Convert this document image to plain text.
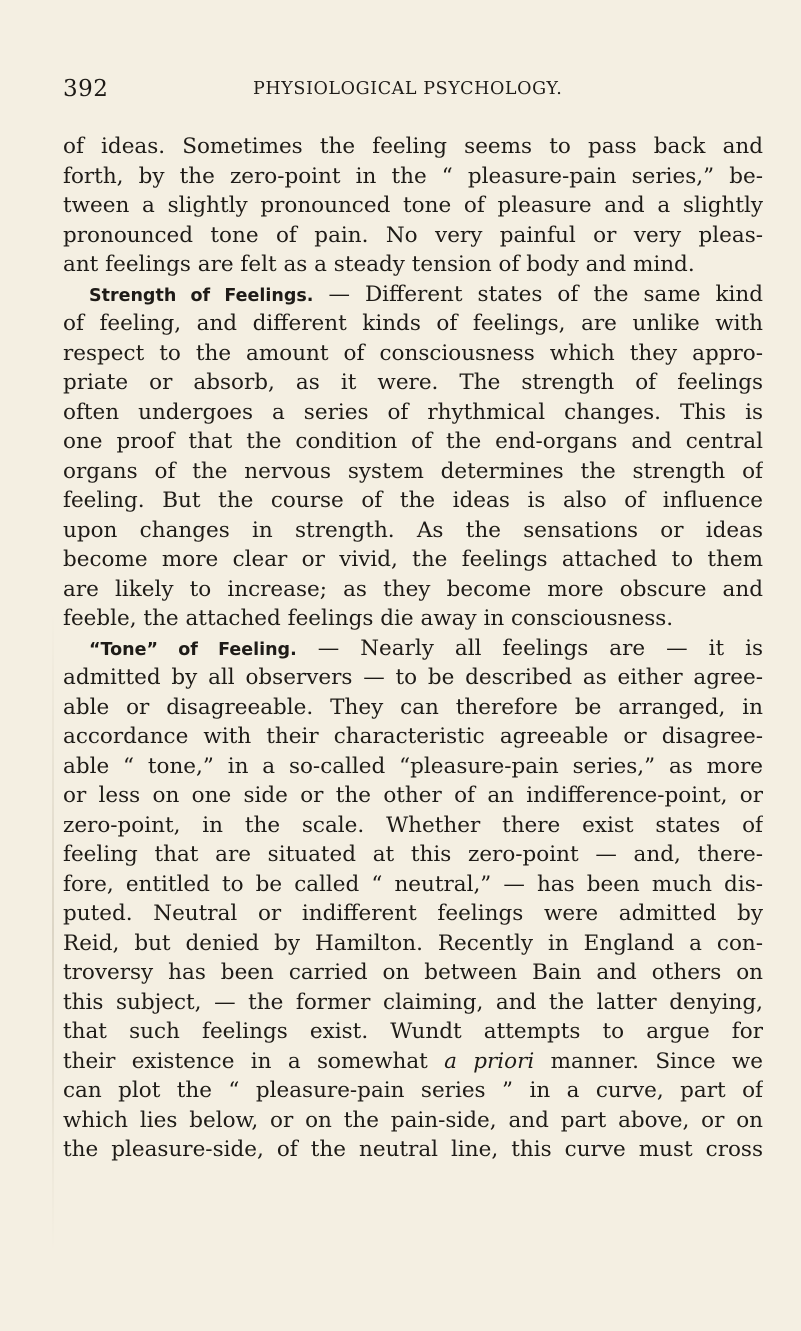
392	PHYSIOLOGICAL PSYCHOLOGY.
of ideas. Sometimes the feeling seems to pass back and
forth, by the zero-point in the “ pleasure-pain series,” be-
tween a slightly pronounced tone of pleasure and a slightly
pronounced tone of pain. No very painful or very pleas-
ant feelings are felt as a steady tension of body and mind.
Strength of Feelings. — Different states of the same kind
of feeling, and different kinds of feelings, are unlike with
respect to the amount of consciousness which they appro-
priate or absorb, as it were. The strength of feelings
often undergoes a series of rhythmical changes. This is
one proof that the condition of the end-organs and central
organs of the nervous system determines the strength of
feeling. But the course of the ideas is also of influence
upon changes in strength. As the sensations or ideas
become more clear or vivid, the feelings attached to them
are likely to increase; as they become more obscure and
feeble, the attached feelings die away in consciousness.
“Tone” of Feeling. — Nearly all feelings are — it is
admitted by all observers — to be described as either agree-
able or disagreeable. They can therefore be arranged, in
accordance with their characteristic agreeable or disagree-
able “ tone,” in a so-called “pleasure-pain series,” as more
or less on one side or the other of an indifference-point, or
zero-point, in the scale. Whether there exist states of
feeling that are situated at this zero-point — and, there-
fore, entitled to be called “ neutral,” — has been much dis-
puted. Neutral or indifferent feelings were admitted by
Reid, but denied by Hamilton. Recently in England a con-
troversy has been carried on between Bain and others on
this subject, — the former claiming, and the latter denying,
that such feelings exist. Wundt attempts to argue for
their existence in a somewhat a priori manner. Since we
can plot the “ pleasure-pain series ” in a curve, part of
which lies below, or on the pain-side, and part above, or on
the pleasure-side, of the neutral line, this curve must cross
